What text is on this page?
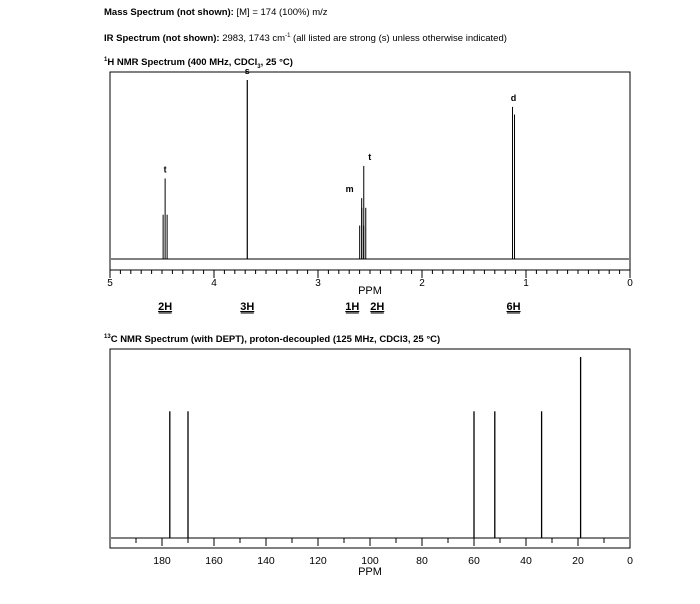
Mass Spectrum (not shown): [M] = 174 (100%) m/z
IR Spectrum (not shown): 2983, 1743 $cm^{-1}$ (all listed are strong (s) unless otherwise indicated)
$^1$H NMR Spectrum (400 MHz, CDCl$_3$, 25 °C)
$^{13}$C NMR Spectrum (with DEPT), proton-decoupled (125 MHz, CDCl3, 25 °C)
5	4	3	2	1	0
t
s
m
t
d
PPM
2H	3H	1H 2H	6H
180	160	140	120	100	80	60	40	20	0
PPM
